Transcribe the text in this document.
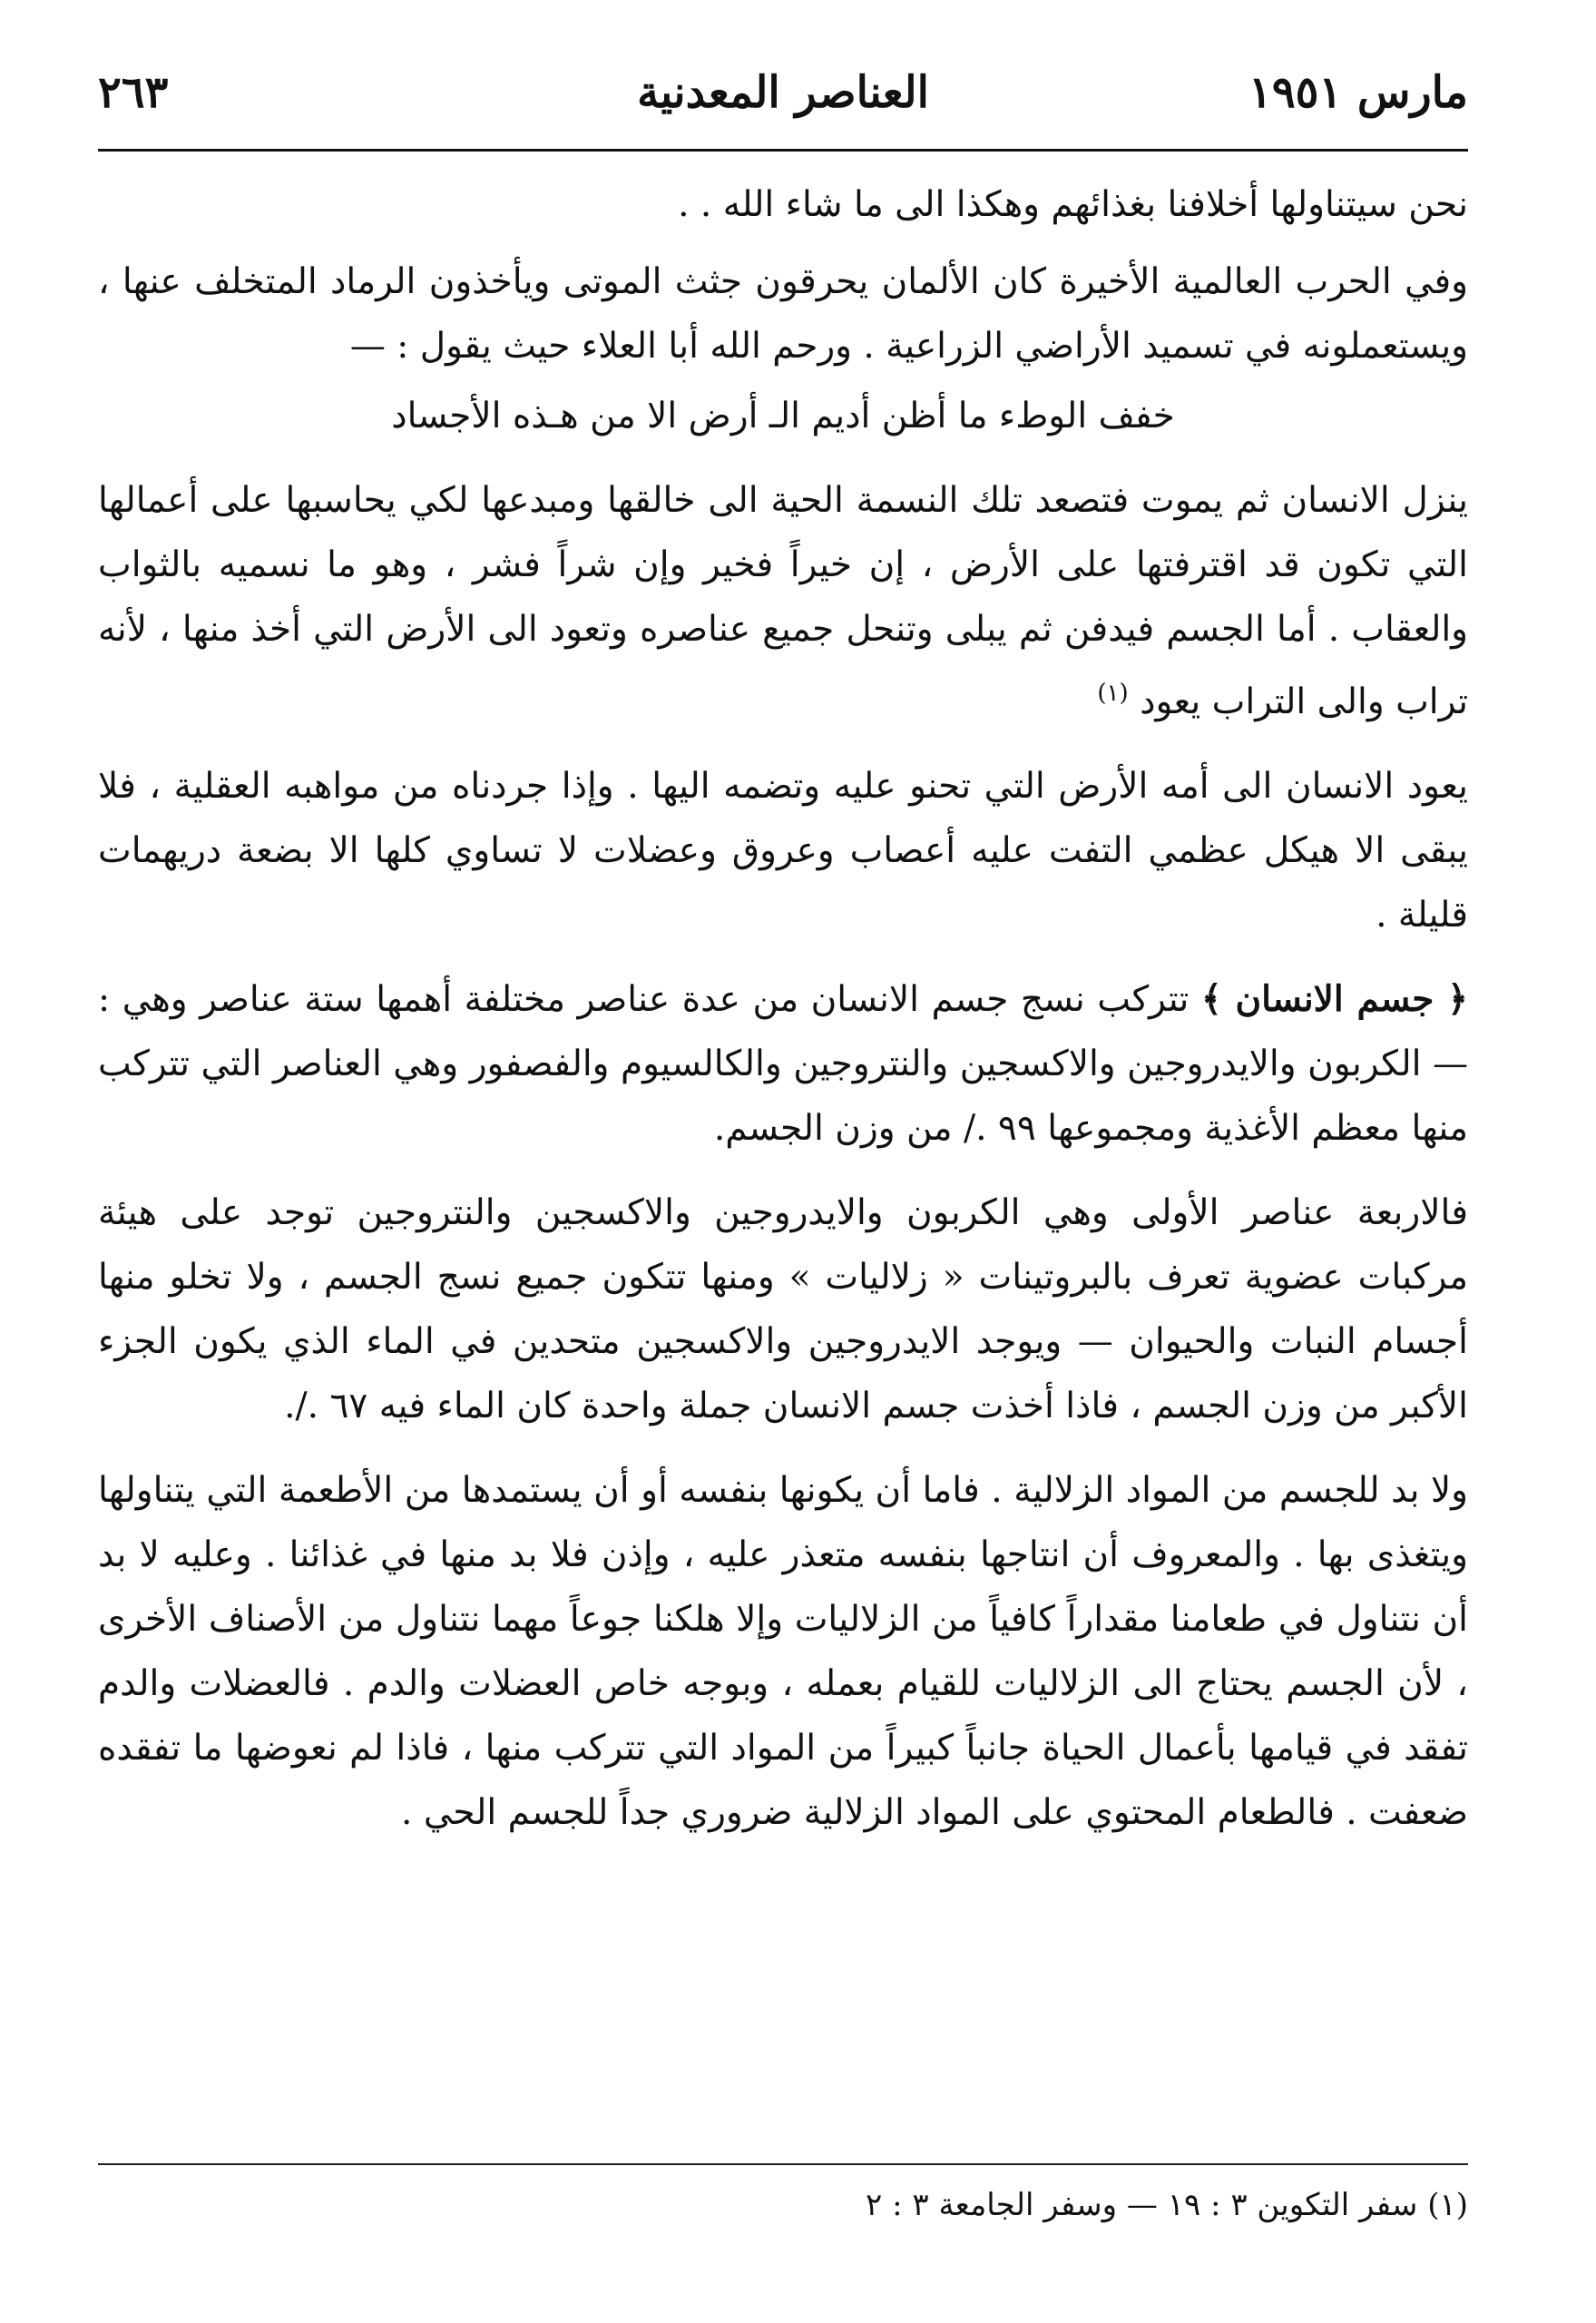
مارس ١٩٥١
العناصر المعدنية
٢٦٣

نحن سيتناولها أخلافنا بغذائهم وهكذا الى ما شاء الله . .

وفي الحرب العالمية الأخيرة كان الألمان يحرقون جثث الموتى ويأخذون الرماد المتخلف عنها ، ويستعملونه في تسميد الأراضي الزراعية . ورحم الله أبا العلاء حيث يقول : —

خفف الوطء ما أظن أديم الـ أرض الا من هـذه الأجساد

ينزل الانسان ثم يموت فتصعد تلك النسمة الحية الى خالقها ومبدعها لكي يحاسبها على أعمالها التي تكون قد اقترفتها على الأرض ، إن خيراً فخير وإن شراً فشر ، وهو ما نسميه بالثواب والعقاب . أما الجسم فيدفن ثم يبلى وتنحل جميع عناصره وتعود الى الأرض التي أخذ منها ، لأنه تراب والى التراب يعود $^{(١)}$

يعود الانسان الى أمه الأرض التي تحنو عليه وتضمه اليها . وإذا جردناه من مواهبه العقلية ، فلا يبقى الا هيكل عظمي التفت عليه أعصاب وعروق وعضلات لا تساوي كلها الا بضعة دريهمات قليلة .

﴿ جسم الانسان ﴾ تتركب نسج جسم الانسان من عدة عناصر مختلفة أهمها ستة عناصر وهي : — الكربون والايدروجين والاكسجين والنتروجين والكالسيوم والفصفور وهي العناصر التي تتركب منها معظم الأغذية ومجموعها ٩٩ ./ من وزن الجسم.

فالاربعة عناصر الأولى وهي الكربون والايدروجين والاكسجين والنتروجين توجد على هيئة مركبات عضوية تعرف بالبروتينات « زلاليات » ومنها تتكون جميع نسج الجسم ، ولا تخلو منها أجسام النبات والحيوان — ويوجد الايدروجين والاكسجين متحدين في الماء الذي يكون الجزء الأكبر من وزن الجسم ، فاذا أخذت جسم الانسان جملة واحدة كان الماء فيه ٦٧ ./.

ولا بد للجسم من المواد الزلالية . فاما أن يكونها بنفسه أو أن يستمدها من الأطعمة التي يتناولها ويتغذى بها . والمعروف أن انتاجها بنفسه متعذر عليه ، وإذن فلا بد منها في غذائنا . وعليه لا بد أن نتناول في طعامنا مقداراً كافياً من الزلاليات وإلا هلكنا جوعاً مهما نتناول من الأصناف الأخرى ، لأن الجسم يحتاج الى الزلاليات للقيام بعمله ، وبوجه خاص العضلات والدم . فالعضلات والدم تفقد في قيامها بأعمال الحياة جانباً كبيراً من المواد التي تتركب منها ، فاذا لم نعوضها ما تفقده ضعفت . فالطعام المحتوي على المواد الزلالية ضروري جداً للجسم الحي .

(١) سفر التكوين ٣ : ١٩ — وسفر الجامعة ٣ : ٢
